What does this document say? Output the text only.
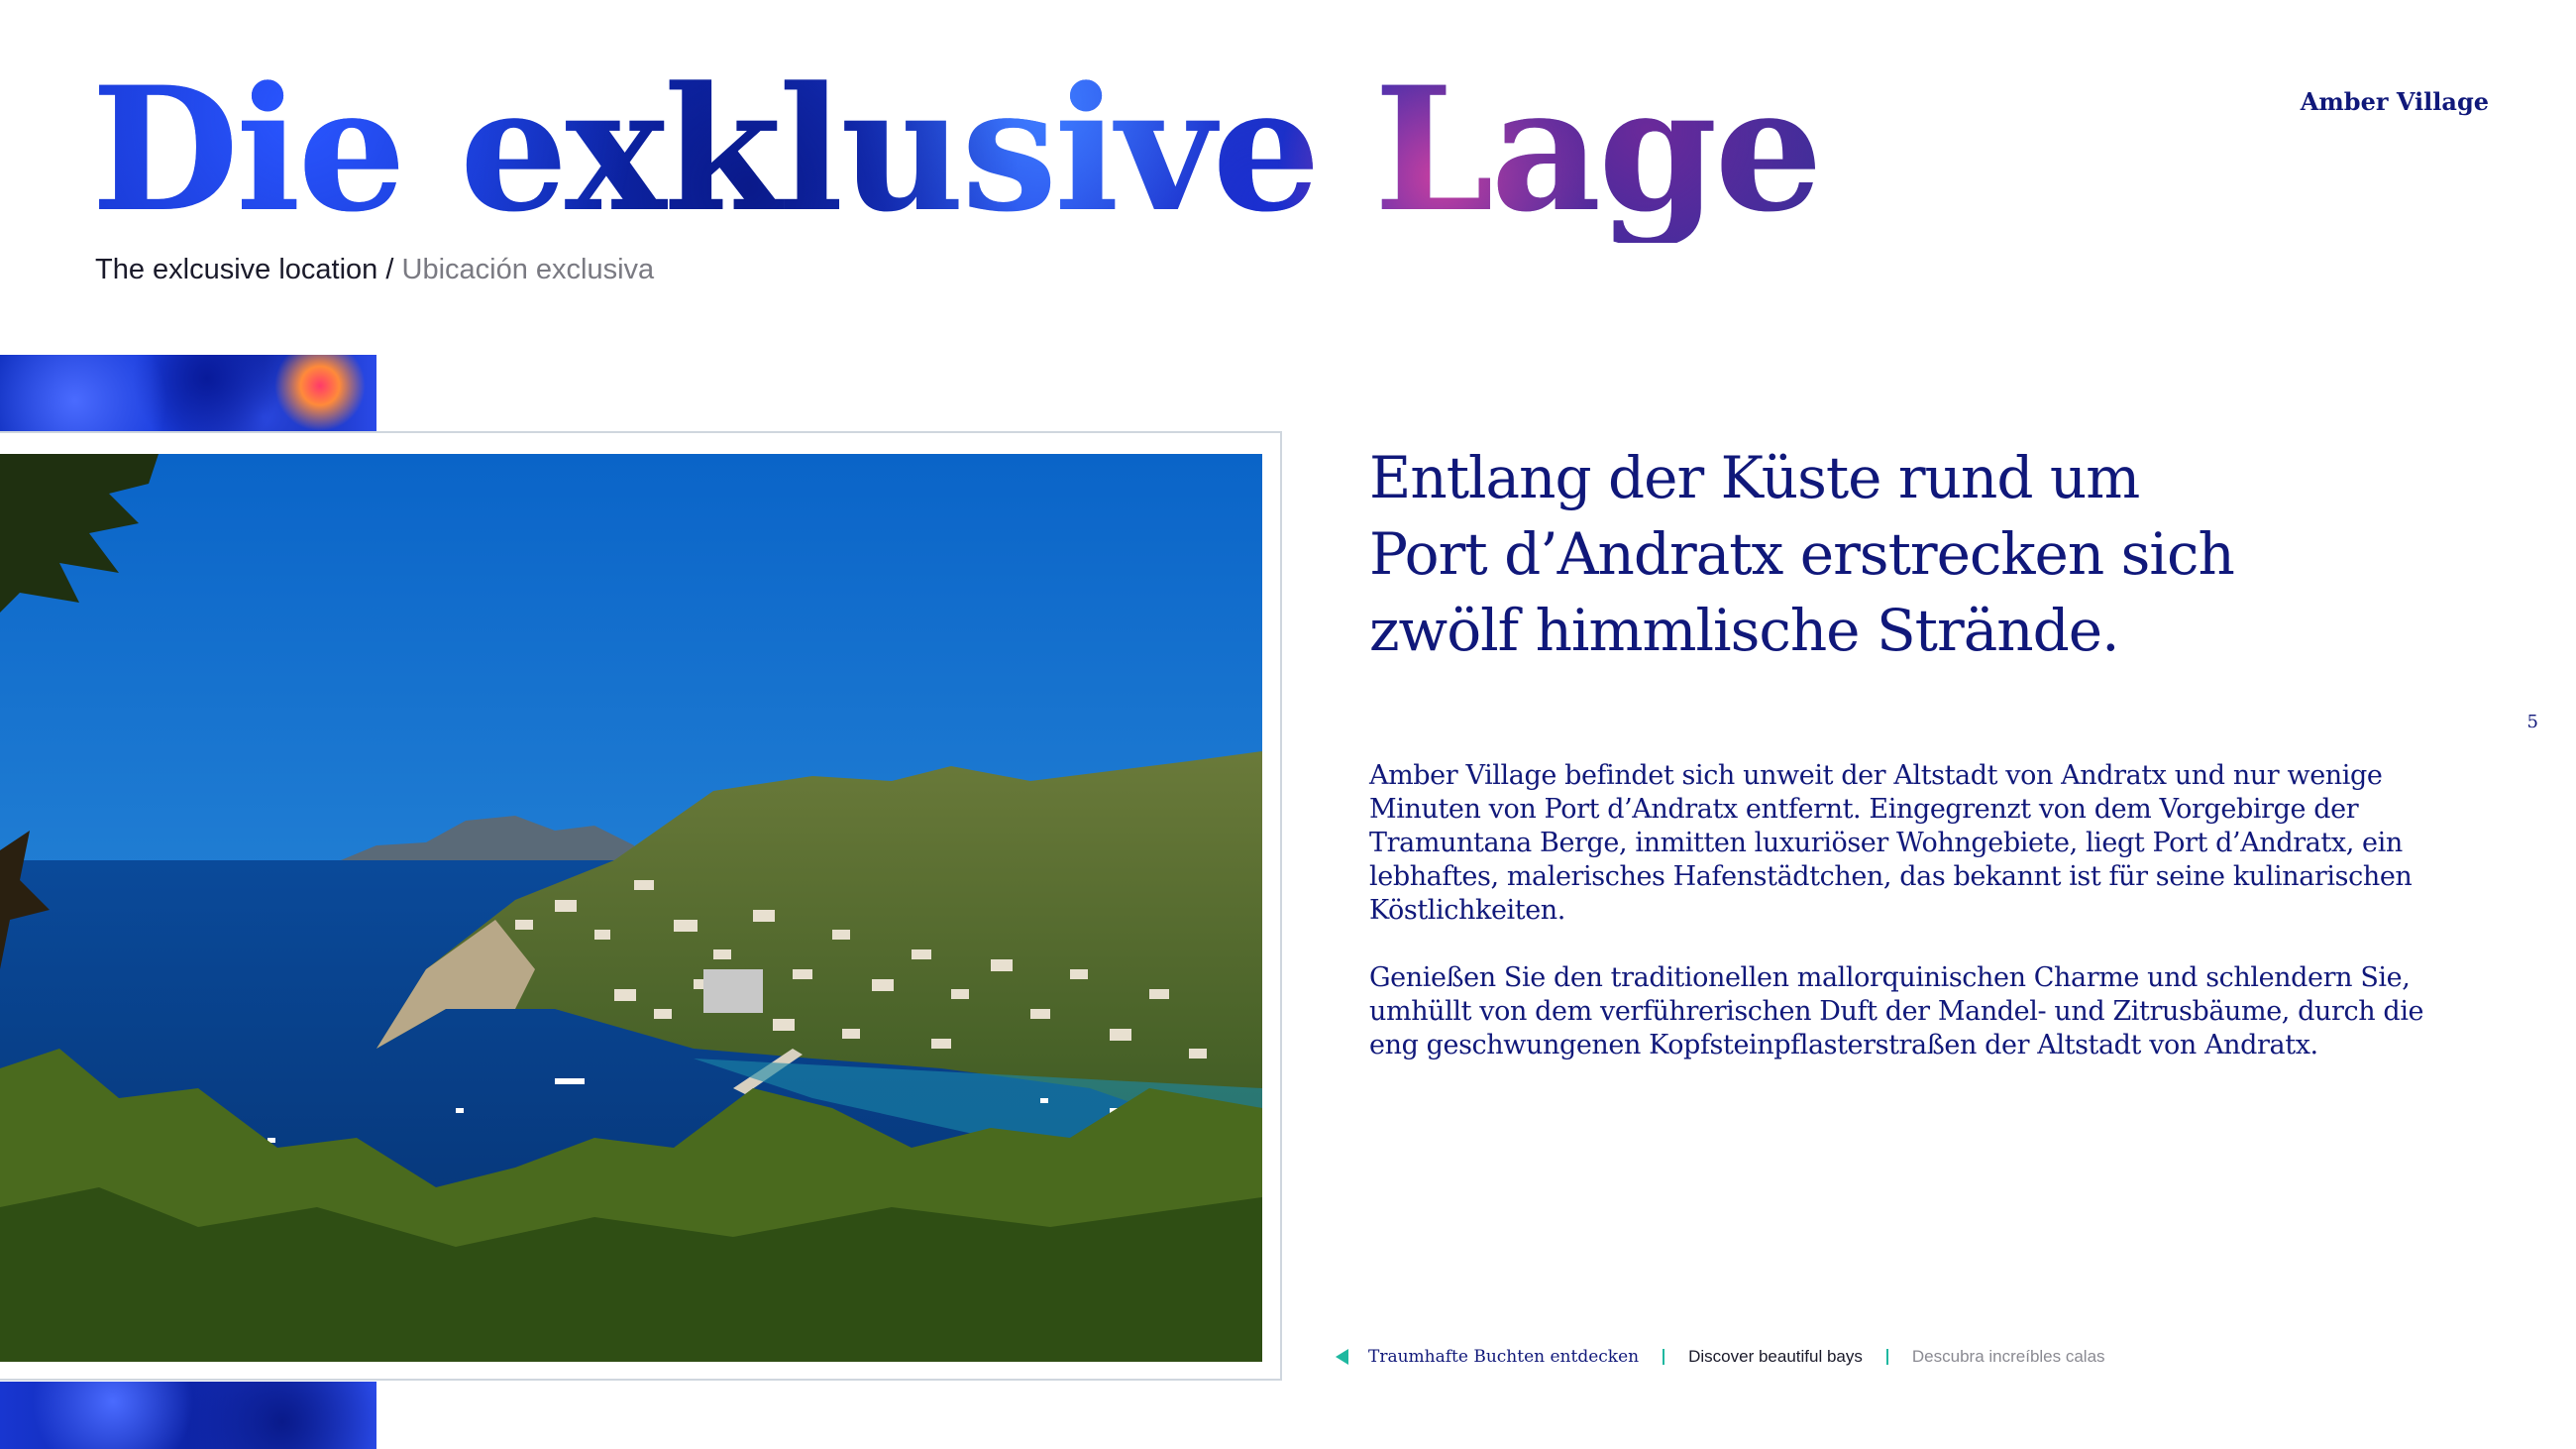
Die exklusive Lage
The exlcusive location / Ubicación exclusiva
Amber Village
5
Entlang der Küste rund um
Port d’Andratx erstrecken sich
zwölf himmlische Strände.

Amber Village befindet sich unweit der Altstadt von Andratx und nur wenige Minuten von Port d’Andratx entfernt. Eingegrenzt von dem Vorgebirge der Tramuntana Berge, inmitten luxuriöser Wohngebiete, liegt Port d’Andratx, ein lebhaftes, malerisches Hafenstädtchen, das bekannt ist für seine kulinarischen Köstlichkeiten.

Genießen Sie den traditionellen mallorquinischen Charme und schlendern Sie, umhüllt von dem verführerischen Duft der Mandel- und Zitrusbäume, durch die eng geschwungenen Kopfsteinpflasterstraßen der Altstadt von Andratx.

Traumhafte Buchten entdecken	Discover beautiful bays	Descubra increíbles calas
